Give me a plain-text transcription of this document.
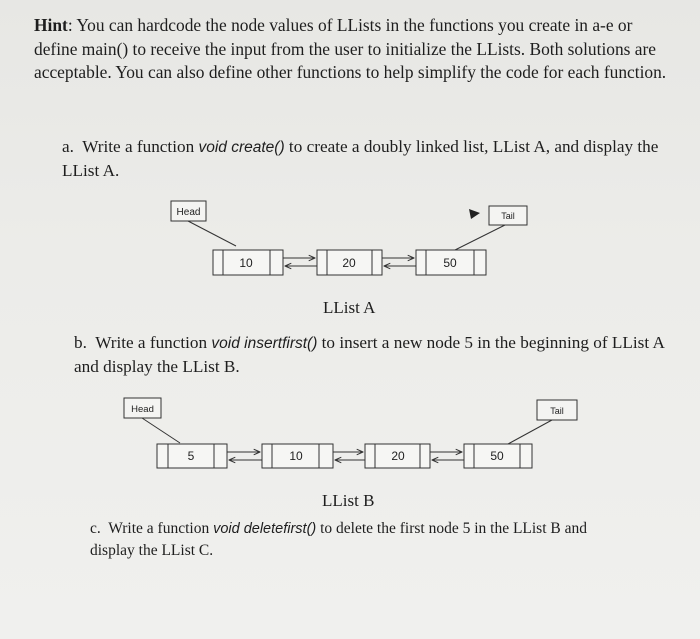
Hint: You can hardcode the node values of LLists in the functions you create in a-e or define main() to receive the input from the user to initialize the LLists. Both solutions are acceptable. You can also define other functions to help simplify the code for each function.
a. Write a function void create() to create a doubly linked list, LList A, and display the LList A.
Head	Tail
10	20	50
Head	Tail
5	10	20	50
LList A
b. Write a function void insertfirst() to insert a new node 5 in the beginning of LList A and display the LList B.
LList B
c. Write a function void deletefirst() to delete the first node 5 in the LList B and display the LList C.
